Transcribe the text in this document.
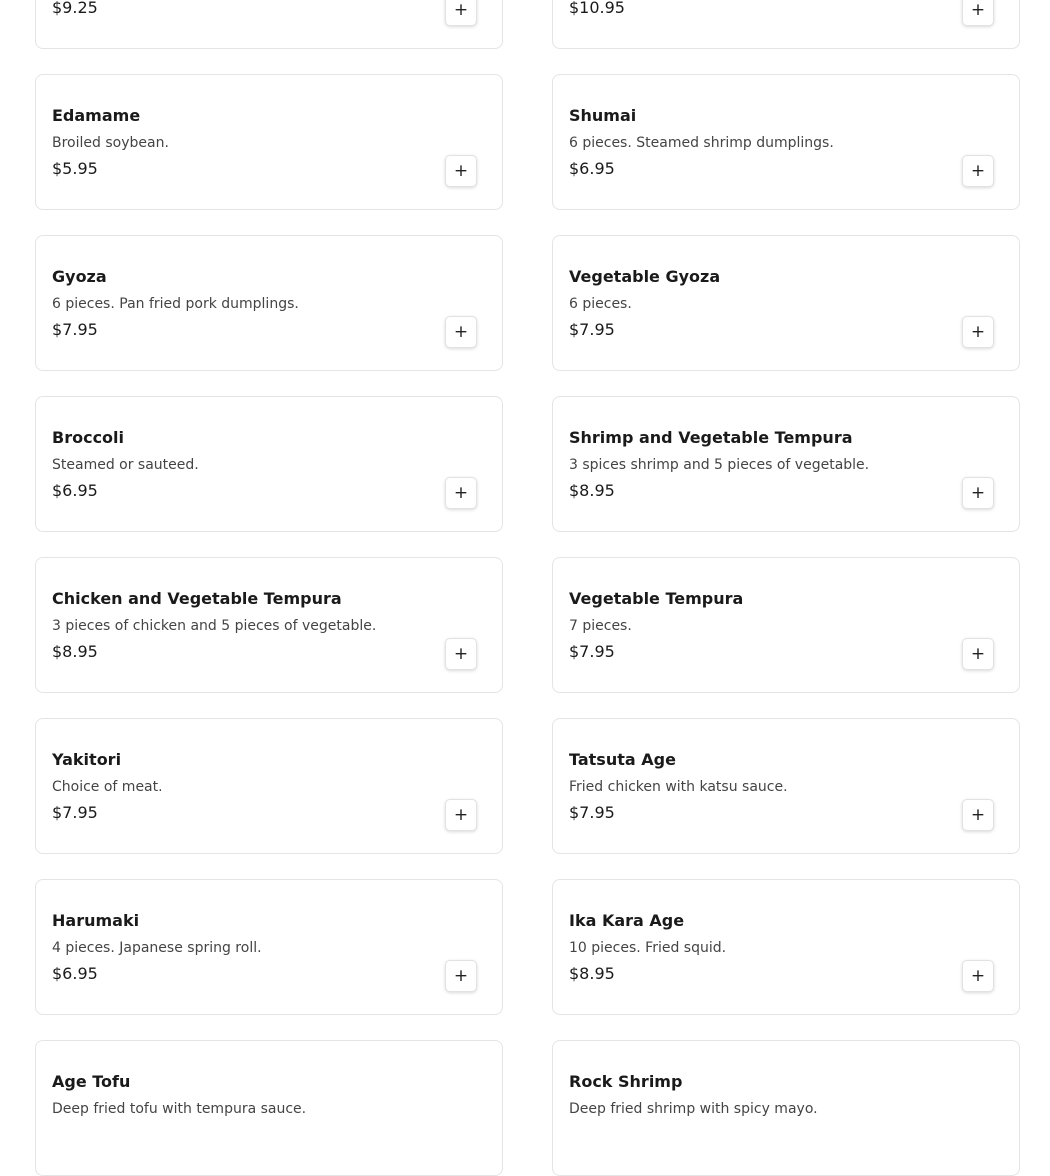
$9.25	+	$10.95	+
Edamame
Broiled soybean.
$5.95	+
Shumai
6 pieces. Steamed shrimp dumplings.
$6.95	+
Gyoza
6 pieces. Pan fried pork dumplings.
$7.95	+
Vegetable Gyoza
6 pieces.
$7.95	+
Broccoli
Steamed or sauteed.
$6.95	+
Shrimp and Vegetable Tempura
3 spices shrimp and 5 pieces of vegetable.
$8.95	+
Chicken and Vegetable Tempura
3 pieces of chicken and 5 pieces of vegetable.
$8.95	+
Vegetable Tempura
7 pieces.
$7.95	+
Yakitori
Choice of meat.
$7.95	+
Tatsuta Age
Fried chicken with katsu sauce.
$7.95	+
Harumaki
4 pieces. Japanese spring roll.
$6.95	+
Ika Kara Age
10 pieces. Fried squid.
$8.95	+
Age Tofu
Deep fried tofu with tempura sauce.
Rock Shrimp
Deep fried shrimp with spicy mayo.
